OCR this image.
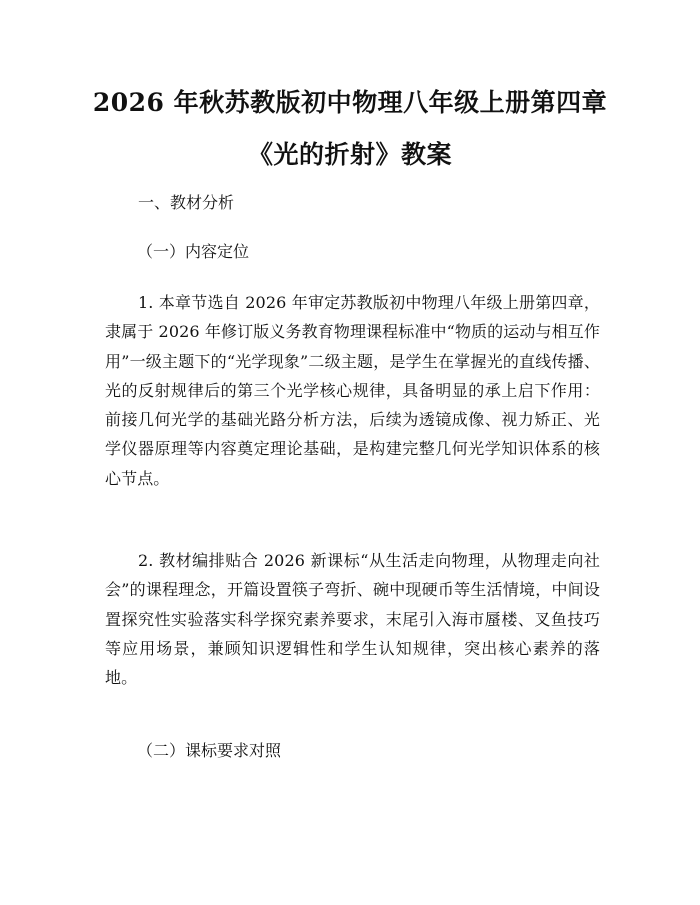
2026 年秋苏教版初中物理八年级上册第四章
《光的折射》教案
一、教材分析
（一）内容定位

1. 本章节选自 2026 年审定苏教版初中物理八年级上册第四章，隶属于 2026 年修订版义务教育物理课程标准中“物质的运动与相互作用”一级主题下的“光学现象”二级主题，是学生在掌握光的直线传播、光的反射规律后的第三个光学核心规律，具备明显的承上启下作用：前接几何光学的基础光路分析方法，后续为透镜成像、视力矫正、光学仪器原理等内容奠定理论基础，是构建完整几何光学知识体系的核心节点。

2. 教材编排贴合 2026 新课标“从生活走向物理，从物理走向社会”的课程理念，开篇设置筷子弯折、碗中现硬币等生活情境，中间设置探究性实验落实科学探究素养要求，末尾引入海市蜃楼、叉鱼技巧等应用场景，兼顾知识逻辑性和学生认知规律，突出核心素养的落地。

（二）课标要求对照
